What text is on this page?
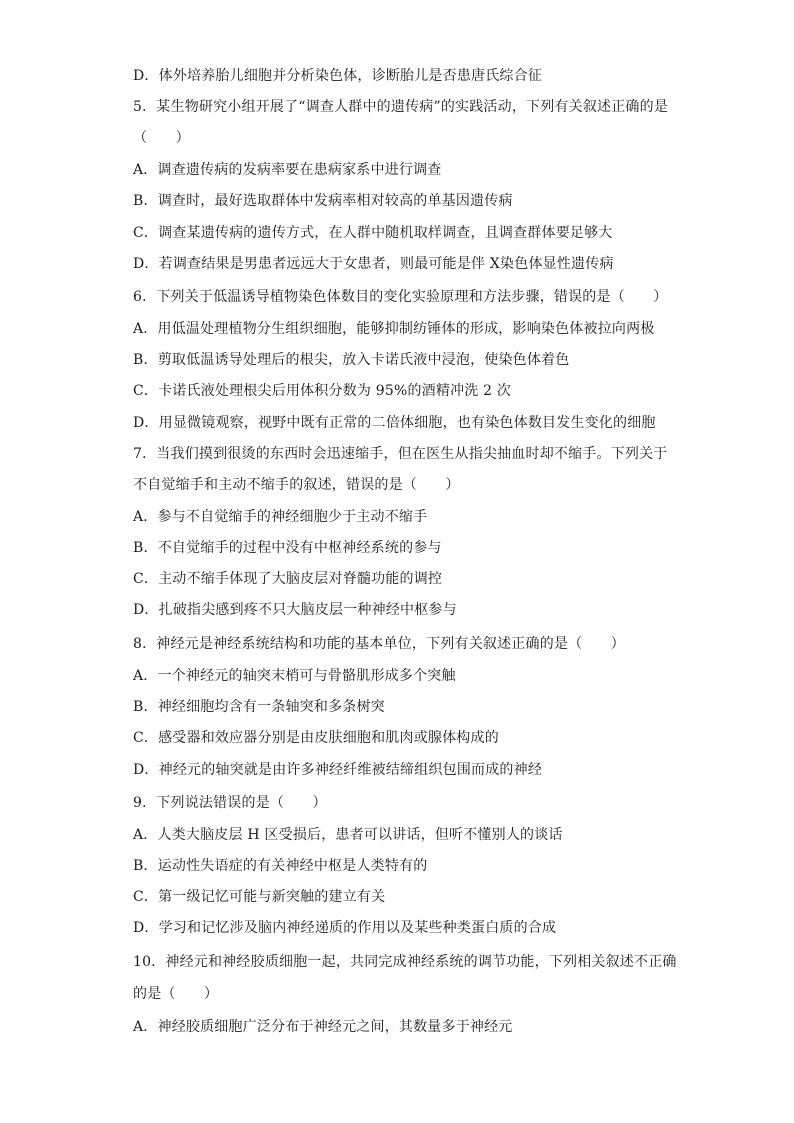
D．体外培养胎儿细胞并分析染色体，诊断胎儿是否患唐氏综合征
5．某生物研究小组开展了“调查人群中的遗传病”的实践活动，下列有关叙述正确的是
（　　）
A．调查遗传病的发病率要在患病家系中进行调查
B．调查时，最好选取群体中发病率相对较高的单基因遗传病
C．调查某遗传病的遗传方式，在人群中随机取样调查，且调查群体要足够大
D．若调查结果是男患者远远大于女患者，则最可能是伴 X染色体显性遗传病
6．下列关于低温诱导植物染色体数目的变化实验原理和方法步骤，错误的是（　　）
A．用低温处理植物分生组织细胞，能够抑制纺锤体的形成，影响染色体被拉向两极
B．剪取低温诱导处理后的根尖，放入卡诺氏液中浸泡，使染色体着色
C．卡诺氏液处理根尖后用体积分数为 95%的酒精冲洗 2 次
D．用显微镜观察，视野中既有正常的二倍体细胞，也有染色体数目发生变化的细胞
7．当我们摸到很烫的东西时会迅速缩手，但在医生从指尖抽血时却不缩手。下列关于
不自觉缩手和主动不缩手的叙述，错误的是（　　）
A．参与不自觉缩手的神经细胞少于主动不缩手
B．不自觉缩手的过程中没有中枢神经系统的参与
C．主动不缩手体现了大脑皮层对脊髓功能的调控
D．扎破指尖感到疼不只大脑皮层一种神经中枢参与
8．神经元是神经系统结构和功能的基本单位，下列有关叙述正确的是（　　）
A．一个神经元的轴突末梢可与骨骼肌形成多个突触
B．神经细胞均含有一条轴突和多条树突
C．感受器和效应器分别是由皮肤细胞和肌肉或腺体构成的
D．神经元的轴突就是由许多神经纤维被结缔组织包围而成的神经
9．下列说法错误的是（　　）
A．人类大脑皮层 H 区受损后，患者可以讲话，但听不懂别人的谈话
B．运动性失语症的有关神经中枢是人类特有的
C．第一级记忆可能与新突触的建立有关
D．学习和记忆涉及脑内神经递质的作用以及某些种类蛋白质的合成
10．神经元和神经胶质细胞一起，共同完成神经系统的调节功能，下列相关叙述不正确
的是（　　）
A．神经胶质细胞广泛分布于神经元之间，其数量多于神经元
